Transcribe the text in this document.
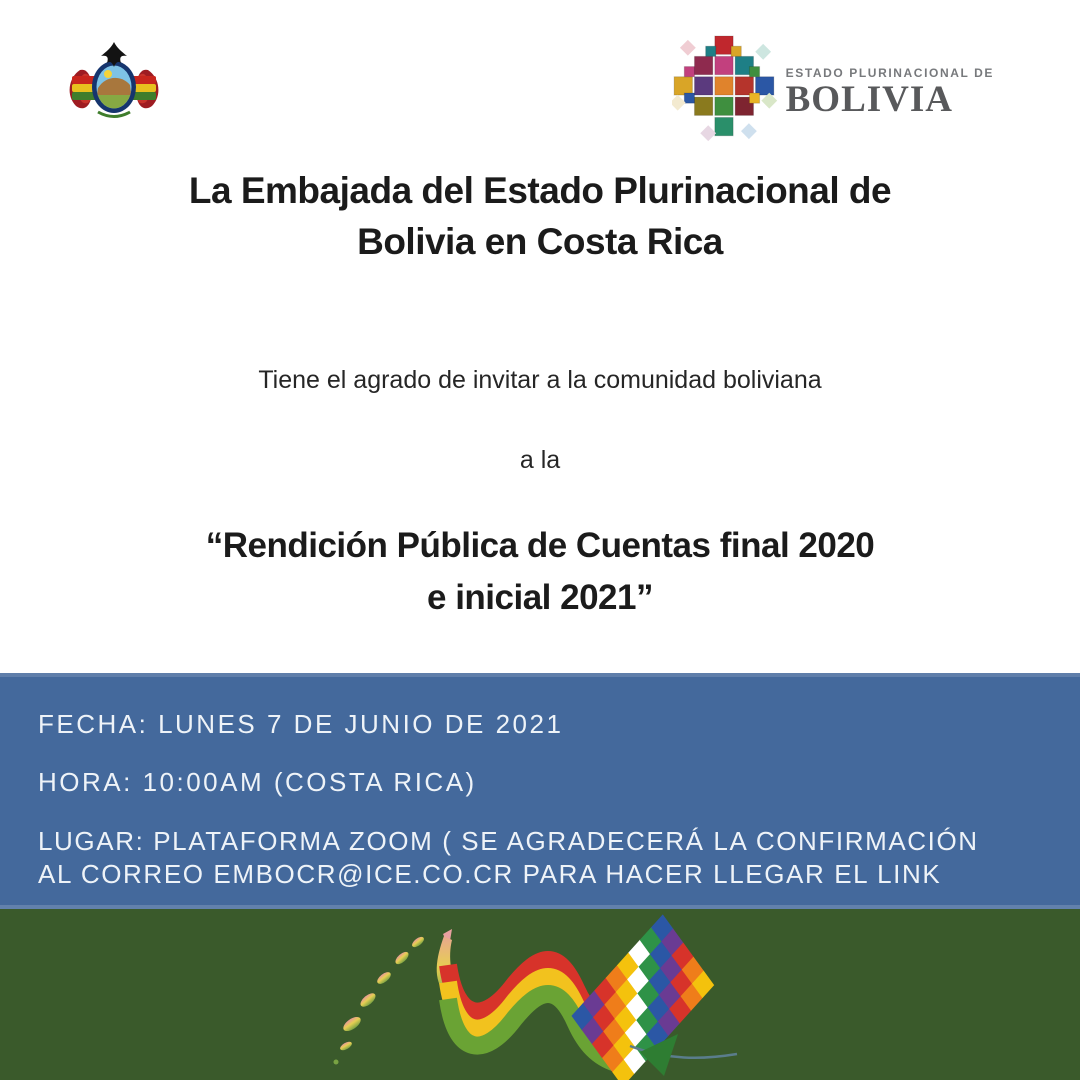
ESTADO PLURINACIONAL DE
BOLIVIA
La Embajada del Estado Plurinacional de
Bolivia en Costa Rica
Tiene el agrado de invitar a la comunidad boliviana
a la
“Rendición Pública de Cuentas final 2020
e inicial 2021”
FECHA: LUNES 7 DE JUNIO DE 2021
HORA: 10:00AM (COSTA RICA)
LUGAR: PLATAFORMA ZOOM ( SE AGRADECERÁ LA CONFIRMACIÓN
AL CORREO EMBOCR@ICE.CO.CR PARA HACER LLEGAR EL LINK
